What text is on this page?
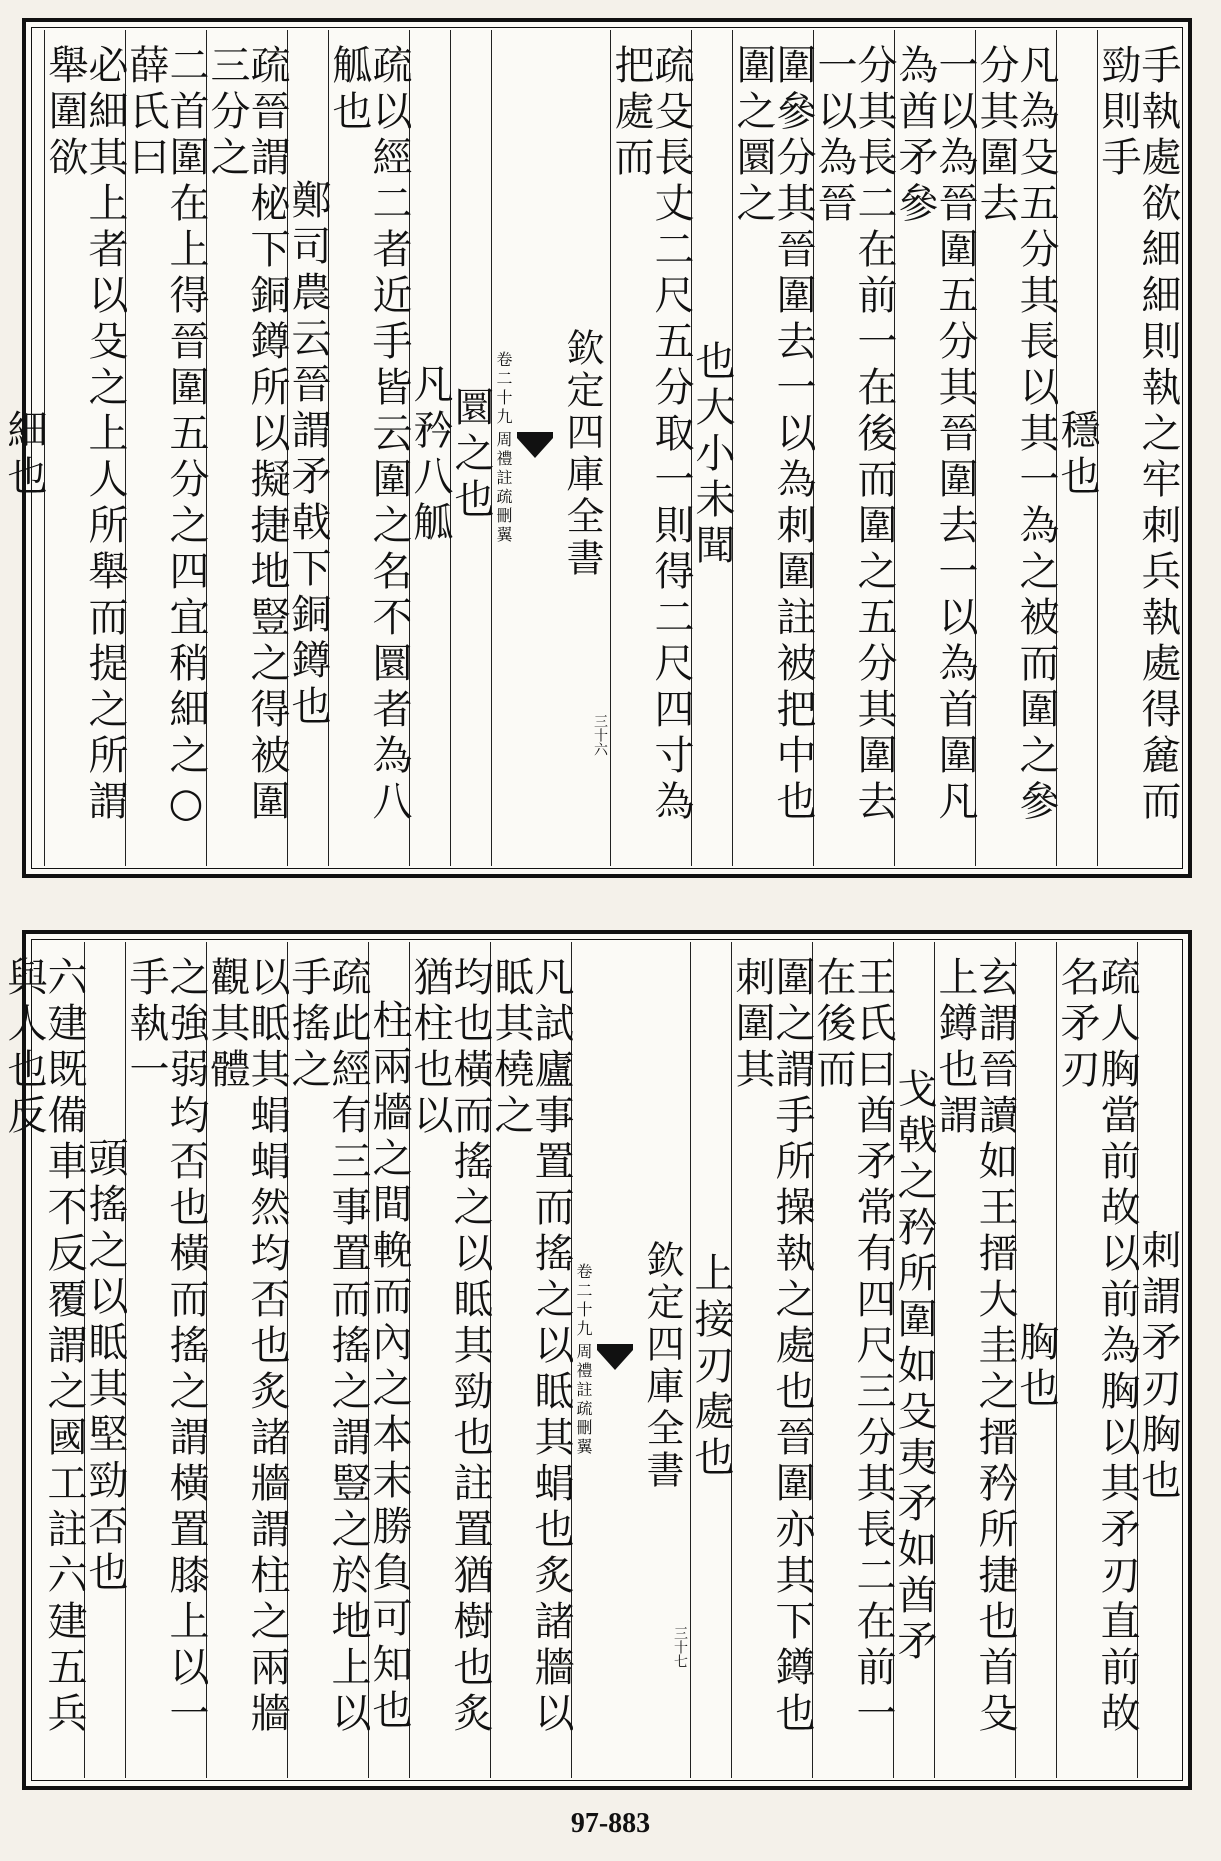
手執處欲細細則執之牢刺兵執處得麄而勁則手
穩也
凡為殳五分其長以其一為之被而圍之參分其圍去
一以為晉圍五分其晉圍去一以為首圍凡為酋矛參
分其長二在前一在後而圍之五分其圍去一以為晉
圍參分其晉圍去一以為刺圍註被把中也圍之圜之
也大小未聞
疏殳長丈二尺五分取一則得二尺四寸為把處而
欽定四庫全書
周禮註疏刪翼
卷二十九
三十六
圜之也
凡矜八觚
疏以經二者近手皆云圍之名不圜者為八觚也
鄭司農云晉謂矛戟下銅鐏也
疏晉謂柲下銅鐏所以擬捷地豎之得被圍三分之
二首圍在上得晉圍五分之四宜稍細之○薛氏曰
必細其上者以殳之上人所舉而提之所謂舉圍欲
細也
刺謂矛刃胸也
疏人胸當前故以前為胸以其矛刃直前故名矛刃
胸也
玄謂晉讀如王搢大圭之搢矜所捷也首殳上鐏也謂
戈戟之矜所圍如殳夷矛如酋矛
王氏曰酋矛常有四尺三分其長二在前一在後而
圍之謂手所操執之處也晉圍亦其下鐏也刺圍其
上接刃處也
欽定四庫全書
周禮註疏刪翼
卷二十九
三十七
凡試廬事置而搖之以眡其蜎也炙諸牆以眡其橈之
均也橫而搖之以眡其勁也註置猶樹也炙猶柱也以
柱兩牆之間輓而內之本末勝負可知也
疏此經有三事置而搖之謂豎之於地上以手搖之
以眡其蜎蜎然均否也炙諸牆謂柱之兩牆觀其體
之強弱均否也橫而搖之謂橫置膝上以一手執一
頭搖之以眡其堅勁否也
六建既備車不反覆謂之國工註六建五兵與人也反
97-883
